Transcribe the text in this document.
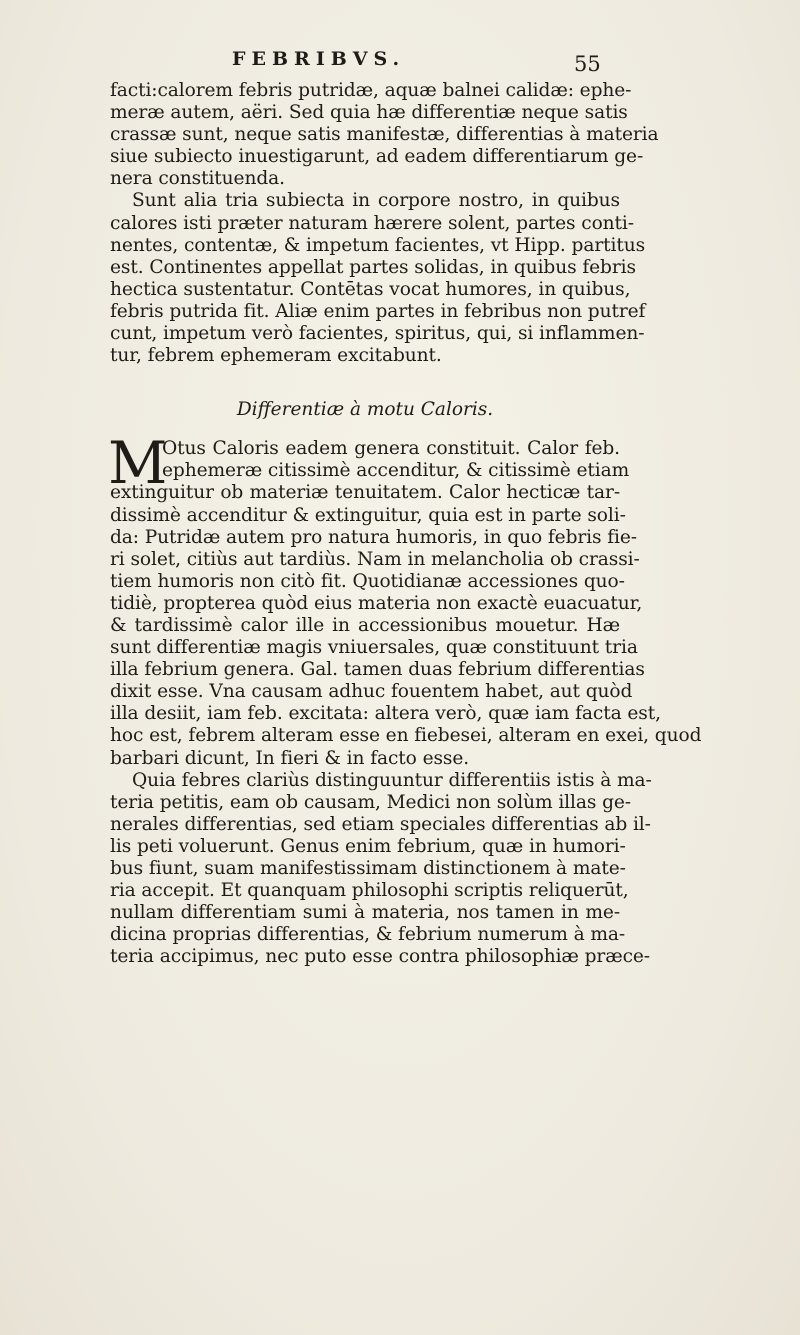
FEBRIBVS.	55
facti:calorem febris putridæ, aquæ balnei calidæ: ephe-
meræ autem, aëri. Sed quia hæ differentiæ neque satis
crassæ sunt, neque satis manifestæ, differentias à materia
siue subiecto inuestigarunt, ad eadem differentiarum ge-
nera constituenda.
Sunt alia tria subiecta in corpore nostro, in quibus
calores isti præter naturam hærere solent, partes conti-
nentes, contentæ, & impetum facientes, vt Hipp. partitus
est. Continentes appellat partes solidas, in quibus febris
hectica sustentatur. Contētas vocat humores, in quibus,
febris putrida fit. Aliæ enim partes in febribus non putref
cunt, impetum verò facientes, spiritus, qui, si inflammen-
tur, febrem ephemeram excitabunt.
Differentiæ à motu Caloris.
M
Otus Caloris eadem genera constituit. Calor feb.
ephemeræ citissimè accenditur, & citissimè etiam
extinguitur ob materiæ tenuitatem. Calor hecticæ tar-
dissimè accenditur & extinguitur, quia est in parte soli-
da: Putridæ autem pro natura humoris, in quo febris fie-
ri solet, citiùs aut tardiùs. Nam in melancholia ob crassi-
tiem humoris non citò fit. Quotidianæ accessiones quo-
tidiè, propterea quòd eius materia non exactè euacuatur,
& tardissimè calor ille in accessionibus mouetur. Hæ
sunt differentiæ magis vniuersales, quæ constituunt tria
illa febrium genera. Gal. tamen duas febrium differentias
dixit esse. Vna causam adhuc fouentem habet, aut quòd
illa desiit, iam feb. excitata: altera verò, quæ iam facta est,
hoc est, febrem alteram esse en fiebesei, alteram en exei, quod
barbari dicunt, In fieri & in facto esse.
Quia febres clariùs distinguuntur differentiis istis à ma-
teria petitis, eam ob causam, Medici non solùm illas ge-
nerales differentias, sed etiam speciales differentias ab il-
lis peti voluerunt. Genus enim febrium, quæ in humori-
bus fiunt, suam manifestissimam distinctionem à mate-
ria accepit. Et quanquam philosophi scriptis reliquerūt,
nullam differentiam sumi à materia, nos tamen in me-
dicina proprias differentias, & febrium numerum à ma-
teria accipimus, nec puto esse contra philosophiæ præce-
